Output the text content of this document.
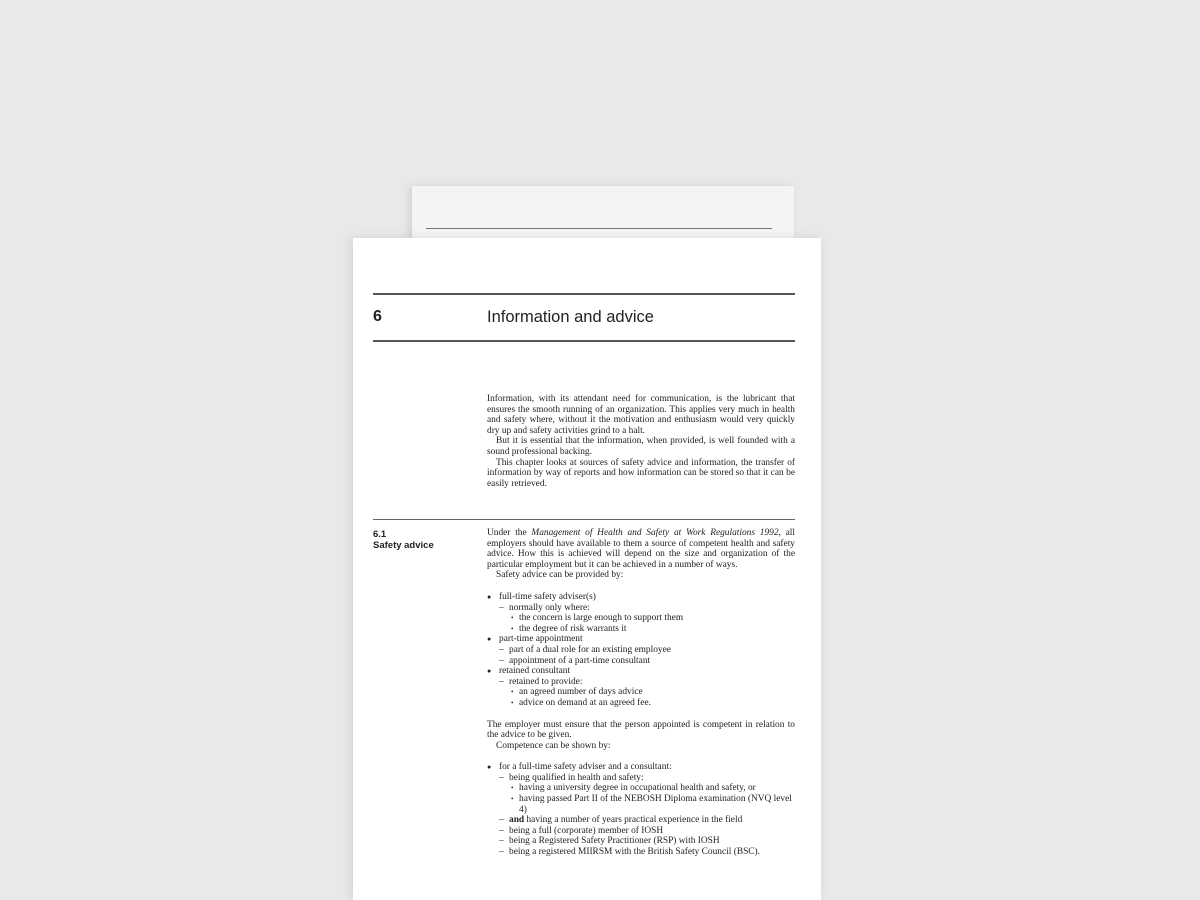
6	Information and advice

Information, with its attendant need for communication, is the lubricant that ensures the smooth running of an organization. This applies very much in health and safety where, without it the motivation and enthusiasm would very quickly dry up and safety activities grind to a halt.

But it is essential that the information, when provided, is well founded with a sound professional backing.

This chapter looks at sources of safety advice and information, the transfer of information by way of reports and how information can be stored so that it can be easily retrieved.

6.1
Safety advice

Under the Management of Health and Safety at Work Regulations 1992, all employers should have available to them a source of competent health and safety advice. How this is achieved will depend on the size and organization of the particular employment but it can be achieved in a number of ways.

Safety advice can be provided by:

● full-time safety adviser(s)
– normally only where:
• the concern is large enough to support them
• the degree of risk warrants it
● part-time appointment
– part of a dual role for an existing employee
– appointment of a part-time consultant
● retained consultant
– retained to provide:
• an agreed number of days advice
• advice on demand at an agreed fee.

The employer must ensure that the person appointed is competent in relation to the advice to be given.

Competence can be shown by:

● for a full-time safety adviser and a consultant:
– being qualified in health and safety:
• having a university degree in occupational health and safety, or
• having passed Part II of the NEBOSH Diploma examination (NVQ level 4)
– and having a number of years practical experience in the field
– being a full (corporate) member of IOSH
– being a Registered Safety Practitioner (RSP) with IOSH
– being a registered MIIRSM with the British Safety Council (BSC).
